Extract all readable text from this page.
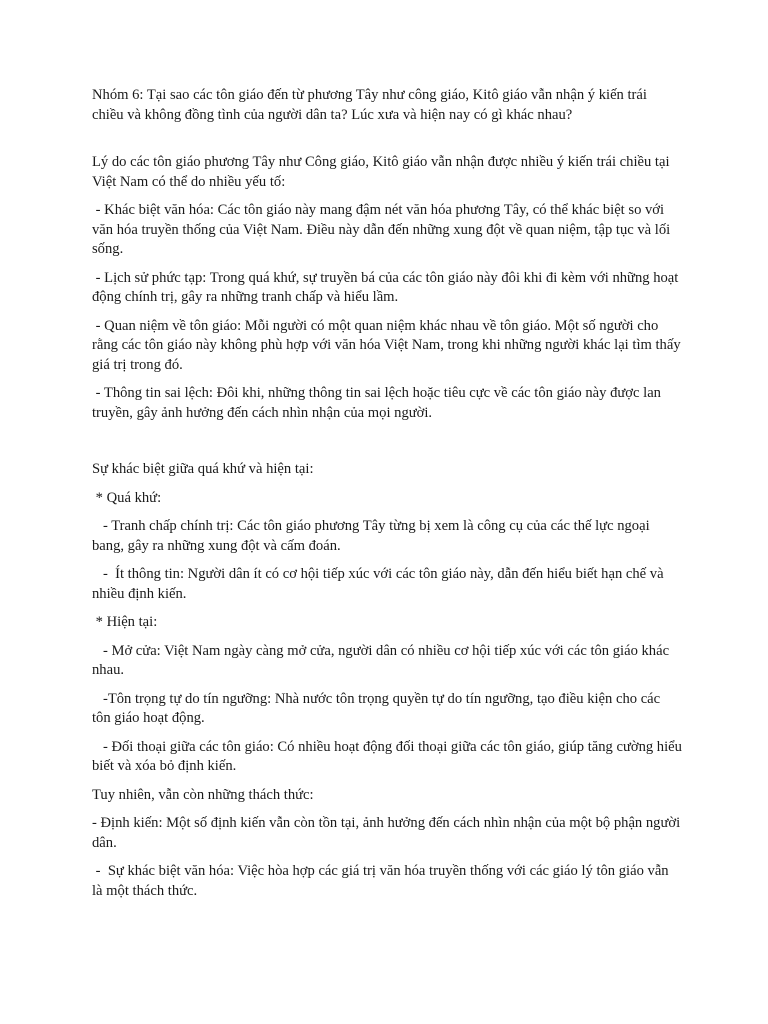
Nhóm 6: Tại sao các tôn giáo đến từ phương Tây như công giáo, Kitô giáo vẫn nhận ý kiến trái chiều và không đồng tình của người dân ta? Lúc xưa và hiện nay có gì khác nhau?

Lý do các tôn giáo phương Tây như Công giáo, Kitô giáo vẫn nhận được nhiều ý kiến trái chiều tại Việt Nam có thể do nhiều yếu tố:

- Khác biệt văn hóa: Các tôn giáo này mang đậm nét văn hóa phương Tây, có thể khác biệt so với văn hóa truyền thống của Việt Nam. Điều này dẫn đến những xung đột về quan niệm, tập tục và lối sống.

- Lịch sử phức tạp: Trong quá khứ, sự truyền bá của các tôn giáo này đôi khi đi kèm với những hoạt động chính trị, gây ra những tranh chấp và hiểu lầm.

- Quan niệm về tôn giáo: Mỗi người có một quan niệm khác nhau về tôn giáo. Một số người cho rằng các tôn giáo này không phù hợp với văn hóa Việt Nam, trong khi những người khác lại tìm thấy giá trị trong đó.

- Thông tin sai lệch: Đôi khi, những thông tin sai lệch hoặc tiêu cực về các tôn giáo này được lan truyền, gây ảnh hưởng đến cách nhìn nhận của mọi người.

Sự khác biệt giữa quá khứ và hiện tại:

* Quá khứ:

- Tranh chấp chính trị: Các tôn giáo phương Tây từng bị xem là công cụ của các thế lực ngoại bang, gây ra những xung đột và cấm đoán.

-  Ít thông tin: Người dân ít có cơ hội tiếp xúc với các tôn giáo này, dẫn đến hiểu biết hạn chế và nhiều định kiến.

* Hiện tại:

- Mở cửa: Việt Nam ngày càng mở cửa, người dân có nhiều cơ hội tiếp xúc với các tôn giáo khác nhau.

-Tôn trọng tự do tín ngưỡng: Nhà nước tôn trọng quyền tự do tín ngưỡng, tạo điều kiện cho các tôn giáo hoạt động.

- Đối thoại giữa các tôn giáo: Có nhiều hoạt động đối thoại giữa các tôn giáo, giúp tăng cường hiểu biết và xóa bỏ định kiến.

Tuy nhiên, vẫn còn những thách thức:

- Định kiến: Một số định kiến vẫn còn tồn tại, ảnh hưởng đến cách nhìn nhận của một bộ phận người dân.

-  Sự khác biệt văn hóa: Việc hòa hợp các giá trị văn hóa truyền thống với các giáo lý tôn giáo vẫn là một thách thức.
